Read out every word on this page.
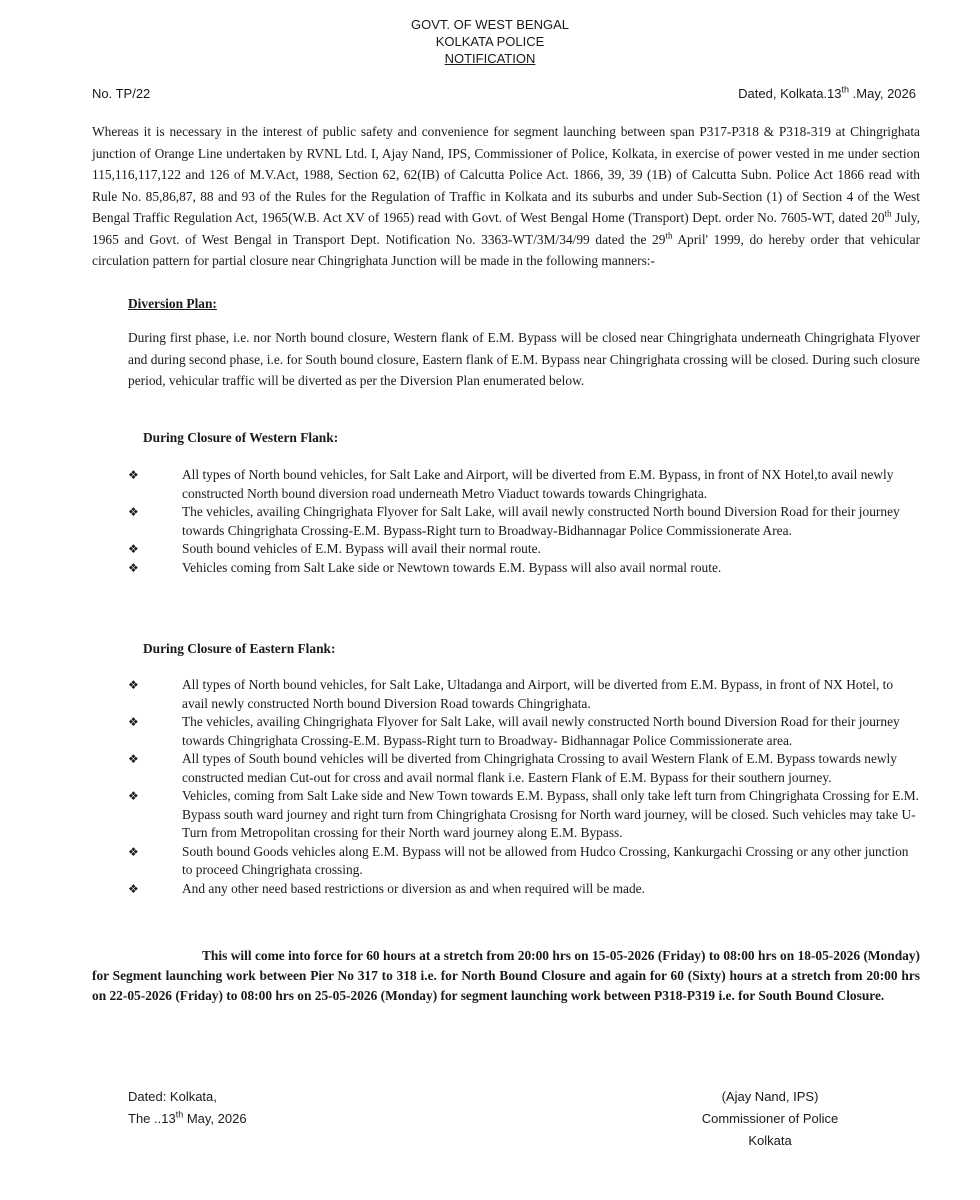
GOVT. OF WEST BENGAL
KOLKATA POLICE
NOTIFICATION
No. TP/22	Dated, Kolkata.13th .May, 2026
Whereas it is necessary in the interest of public safety and convenience for segment launching between span P317-P318 & P318-319 at Chingrighata junction of Orange Line undertaken by RVNL Ltd. I, Ajay Nand, IPS, Commissioner of Police, Kolkata, in exercise of power vested in me under section 115,116,117,122 and 126 of M.V.Act, 1988, Section 62, 62(IB) of Calcutta Police Act. 1866, 39, 39 (1B) of Calcutta Subn. Police Act 1866 read with Rule No. 85,86,87, 88 and 93 of the Rules for the Regulation of Traffic in Kolkata and its suburbs and under Sub-Section (1) of Section 4 of the West Bengal Traffic Regulation Act, 1965(W.B. Act XV of 1965) read with Govt. of West Bengal Home (Transport) Dept. order No. 7605-WT, dated 20th July, 1965 and Govt. of West Bengal in Transport Dept. Notification No. 3363-WT/3M/34/99 dated the 29th April' 1999, do hereby order that vehicular circulation pattern for partial closure near Chingrighata Junction will be made in the following manners:-
Diversion Plan:
During first phase, i.e. nor North bound closure, Western flank of E.M. Bypass will be closed near Chingrighata underneath Chingrighata Flyover and during second phase, i.e. for South bound closure, Eastern flank of E.M. Bypass near Chingrighata crossing will be closed. During such closure period, vehicular traffic will be diverted as per the Diversion Plan enumerated below.
During Closure of Western Flank:
❖	All types of North bound vehicles, for Salt Lake and Airport, will be diverted from E.M. Bypass, in front of NX Hotel,to avail newly constructed North bound diversion road underneath Metro Viaduct towards towards Chingrighata.
❖	The vehicles, availing Chingrighata Flyover for Salt Lake, will avail newly constructed North bound Diversion Road for their journey towards Chingrighata Crossing-E.M. Bypass-Right turn to Broadway-Bidhannagar Police Commissionerate Area.
❖	South bound vehicles of E.M. Bypass will avail their normal route.
❖	Vehicles coming from Salt Lake side or Newtown towards E.M. Bypass will also avail normal route.
During Closure of Eastern Flank:
❖	All types of North bound vehicles, for Salt Lake, Ultadanga and Airport, will be diverted from E.M. Bypass, in front of NX Hotel, to avail newly constructed North bound Diversion Road towards Chingrighata.
❖	The vehicles, availing Chingrighata Flyover for Salt Lake, will avail newly constructed North bound Diversion Road for their journey towards Chingrighata Crossing-E.M. Bypass-Right turn to Broadway- Bidhannagar Police Commissionerate area.
❖	All types of South bound vehicles will be diverted from Chingrighata Crossing to avail Western Flank of E.M. Bypass towards newly constructed median Cut-out for cross and avail normal flank i.e. Eastern Flank of E.M. Bypass for their southern journey.
❖	Vehicles, coming from Salt Lake side and New Town towards E.M. Bypass, shall only take left turn from Chingrighata Crossing for E.M. Bypass south ward journey and right turn from Chingrighata Crosisng for North ward journey, will be closed. Such vehicles may take U-Turn from Metropolitan crossing for their North ward journey along E.M. Bypass.
❖	South bound Goods vehicles along E.M. Bypass will not be allowed from Hudco Crossing, Kankurgachi Crossing or any other junction to proceed Chingrighata crossing.
❖	And any other need based restrictions or diversion as and when required will be made.
This will come into force for 60 hours at a stretch from 20:00 hrs on 15-05-2026 (Friday) to 08:00 hrs on 18-05-2026 (Monday) for Segment launching work between Pier No 317 to 318 i.e. for North Bound Closure and again for 60 (Sixty) hours at a stretch from 20:00 hrs on 22-05-2026 (Friday) to 08:00 hrs on 25-05-2026 (Monday) for segment launching work between P318-P319 i.e. for South Bound Closure.
Dated: Kolkata,
The ..13th May, 2026
(Ajay Nand, IPS)
Commissioner of Police
Kolkata
